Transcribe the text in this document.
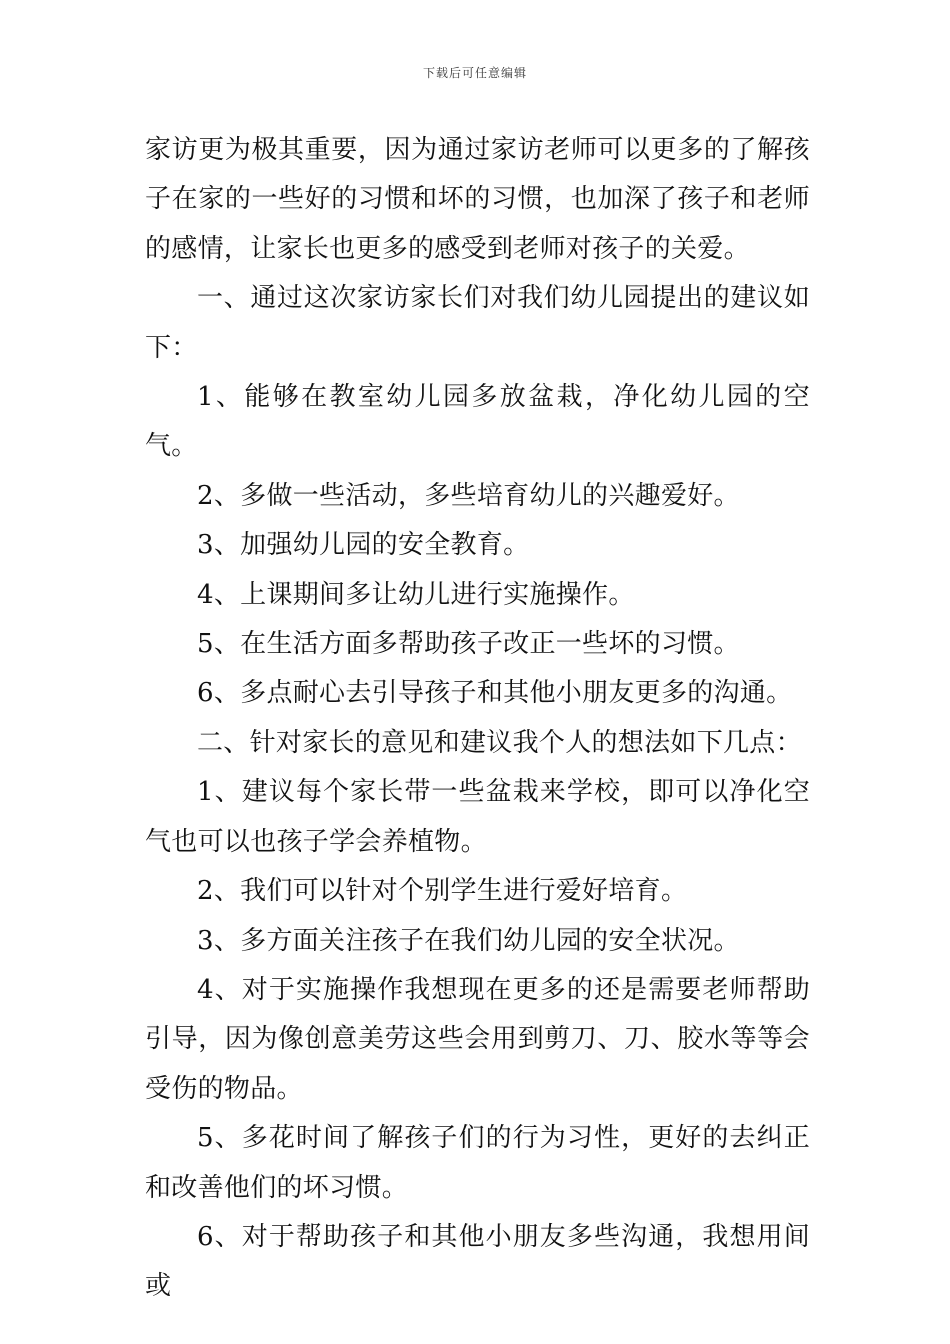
下载后可任意编辑

家访更为极其重要，因为通过家访老师可以更多的了解孩子在家的一些好的习惯和坏的习惯，也加深了孩子和老师的感情，让家长也更多的感受到老师对孩子的关爱。

一、通过这次家访家长们对我们幼儿园提出的建议如下：

1、能够在教室幼儿园多放盆栽，净化幼儿园的空气。

2、多做一些活动，多些培育幼儿的兴趣爱好。

3、加强幼儿园的安全教育。

4、上课期间多让幼儿进行实施操作。

5、在生活方面多帮助孩子改正一些坏的习惯。

6、多点耐心去引导孩子和其他小朋友更多的沟通。

二、针对家长的意见和建议我个人的想法如下几点：

1、建议每个家长带一些盆栽来学校，即可以净化空气也可以也孩子学会养植物。

2、我们可以针对个别学生进行爱好培育。

3、多方面关注孩子在我们幼儿园的安全状况。

4、对于实施操作我想现在更多的还是需要老师帮助引导，因为像创意美劳这些会用到剪刀、刀、胶水等等会受伤的物品。

5、多花时间了解孩子们的行为习性，更好的去纠正和改善他们的坏习惯。

6、对于帮助孩子和其他小朋友多些沟通，我想用间或
